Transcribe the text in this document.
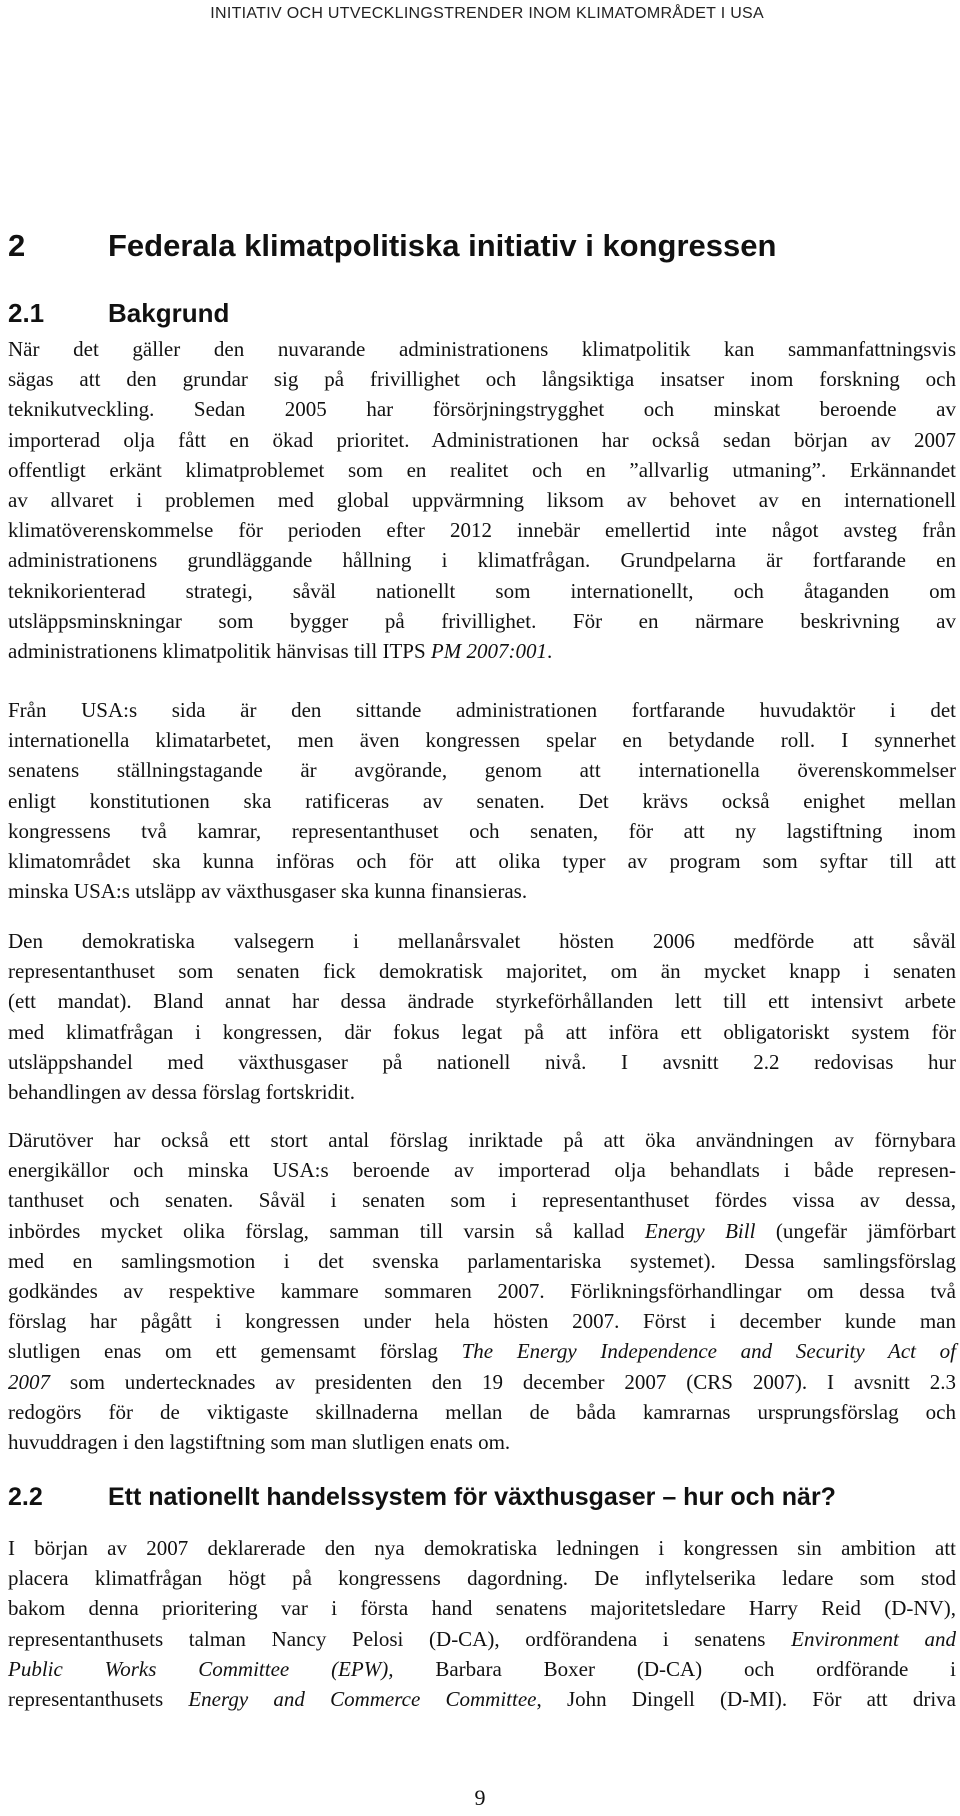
INITIATIV OCH UTVECKLINGSTRENDER INOM KLIMATOMRÅDET I USA
2	Federala klimatpolitiska initiativ i kongressen
2.1 Bakgrund
När det gäller den nuvarande administrationens klimatpolitik kan sammanfattningsvis
sägas att den grundar sig på frivillighet och långsiktiga insatser inom forskning och
teknikutveckling. Sedan 2005 har försörjningstrygghet och minskat beroende av
importerad olja fått en ökad prioritet. Administrationen har också sedan början av 2007
offentligt erkänt klimatproblemet som en realitet och en ”allvarlig utmaning”. Erkännandet
av allvaret i problemen med global uppvärmning liksom av behovet av en internationell
klimatöverenskommelse för perioden efter 2012 innebär emellertid inte något avsteg från
administrationens grundläggande hållning i klimatfrågan. Grundpelarna är fortfarande en
teknikorienterad strategi, såväl nationellt som internationellt, och åtaganden om
utsläppsminskningar som bygger på frivillighet. För en närmare beskrivning av
administrationens klimatpolitik hänvisas till ITPS PM 2007:001.
Från USA:s sida är den sittande administrationen fortfarande huvudaktör i det
internationella klimatarbetet, men även kongressen spelar en betydande roll. I synnerhet
senatens ställningstagande är avgörande, genom att internationella överenskommelser
enligt konstitutionen ska ratificeras av senaten. Det krävs också enighet mellan
kongressens två kamrar, representanthuset och senaten, för att ny lagstiftning inom
klimatområdet ska kunna införas och för att olika typer av program som syftar till att
minska USA:s utsläpp av växthusgaser ska kunna finansieras.
Den demokratiska valsegern i mellanårsvalet hösten 2006 medförde att såväl
representanthuset som senaten fick demokratisk majoritet, om än mycket knapp i senaten
(ett mandat). Bland annat har dessa ändrade styrkeförhållanden lett till ett intensivt arbete
med klimatfrågan i kongressen, där fokus legat på att införa ett obligatoriskt system för
utsläppshandel med växthusgaser på nationell nivå. I avsnitt 2.2 redovisas hur
behandlingen av dessa förslag fortskridit.
Därutöver har också ett stort antal förslag inriktade på att öka användningen av förnybara
energikällor och minska USA:s beroende av importerad olja behandlats i både represen-
tanthuset och senaten. Såväl i senaten som i representanthuset fördes vissa av dessa,
inbördes mycket olika förslag, samman till varsin så kallad Energy Bill (ungefär jämförbart
med en samlingsmotion i det svenska parlamentariska systemet). Dessa samlingsförslag
godkändes av respektive kammare sommaren 2007. Förlikningsförhandlingar om dessa två
förslag har pågått i kongressen under hela hösten 2007. Först i december kunde man
slutligen enas om ett gemensamt förslag The Energy Independence and Security Act of
2007 som undertecknades av presidenten den 19 december 2007 (CRS 2007). I avsnitt 2.3
redogörs för de viktigaste skillnaderna mellan de båda kamrarnas ursprungsförslag och
huvuddragen i den lagstiftning som man slutligen enats om.
2.2	Ett nationellt handelssystem för växthusgaser – hur och när?
I början av 2007 deklarerade den nya demokratiska ledningen i kongressen sin ambition att
placera klimatfrågan högt på kongressens dagordning. De inflytelserika ledare som stod
bakom denna prioritering var i första hand senatens majoritetsledare Harry Reid (D-NV),
representanthusets talman Nancy Pelosi (D-CA), ordförandena i senatens Environment and
Public Works Committee (EPW), Barbara Boxer (D-CA) och ordförande i
representanthusets Energy and Commerce Committee, John Dingell (D-MI). För att driva
9
